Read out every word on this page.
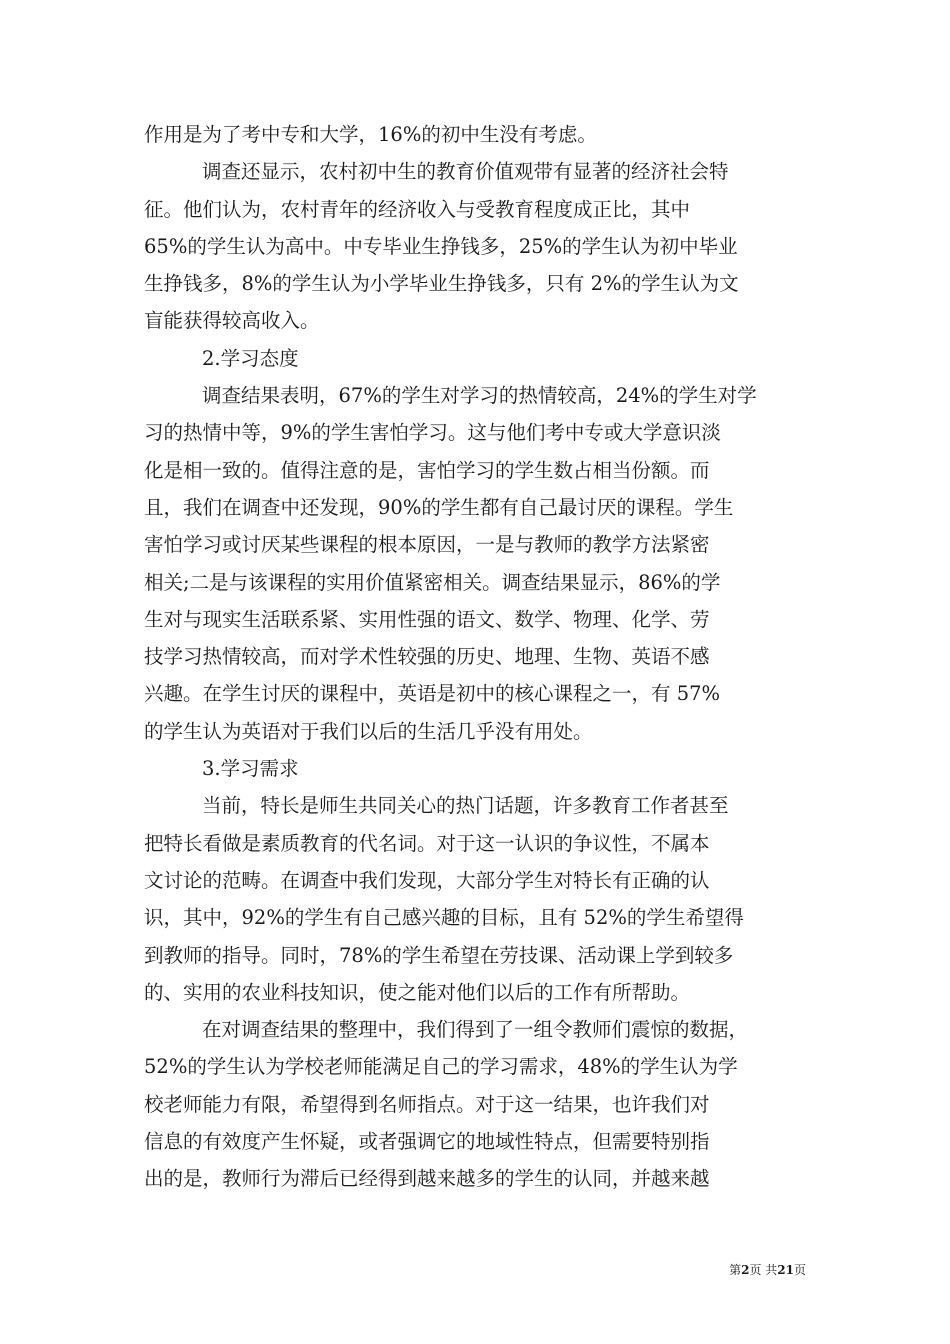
作用是为了考中专和大学，16%的初中生没有考虑。
调查还显示，农村初中生的教育价值观带有显著的经济社会特
征。他们认为，农村青年的经济收入与受教育程度成正比，其中
65%的学生认为高中。中专毕业生挣钱多，25%的学生认为初中毕业
生挣钱多，8%的学生认为小学毕业生挣钱多，只有 2%的学生认为文
盲能获得较高收入。
2.学习态度
调查结果表明，67%的学生对学习的热情较高，24%的学生对学
习的热情中等，9%的学生害怕学习。这与他们考中专或大学意识淡
化是相一致的。值得注意的是，害怕学习的学生数占相当份额。而
且，我们在调查中还发现，90%的学生都有自己最讨厌的课程。学生
害怕学习或讨厌某些课程的根本原因，一是与教师的教学方法紧密
相关;二是与该课程的实用价值紧密相关。调查结果显示，86%的学
生对与现实生活联系紧、实用性强的语文、数学、物理、化学、劳
技学习热情较高，而对学术性较强的历史、地理、生物、英语不感
兴趣。在学生讨厌的课程中，英语是初中的核心课程之一，有 57%
的学生认为英语对于我们以后的生活几乎没有用处。
3.学习需求
当前，特长是师生共同关心的热门话题，许多教育工作者甚至
把特长看做是素质教育的代名词。对于这一认识的争议性，不属本
文讨论的范畴。在调查中我们发现，大部分学生对特长有正确的认
识，其中，92%的学生有自己感兴趣的目标，且有 52%的学生希望得
到教师的指导。同时，78%的学生希望在劳技课、活动课上学到较多
的、实用的农业科技知识，使之能对他们以后的工作有所帮助。
在对调查结果的整理中，我们得到了一组令教师们震惊的数据，
52%的学生认为学校老师能满足自己的学习需求，48%的学生认为学
校老师能力有限，希望得到名师指点。对于这一结果，也许我们对
信息的有效度产生怀疑，或者强调它的地域性特点，但需要特别指
出的是，教师行为滞后已经得到越来越多的学生的认同，并越来越
第2页 共21页
